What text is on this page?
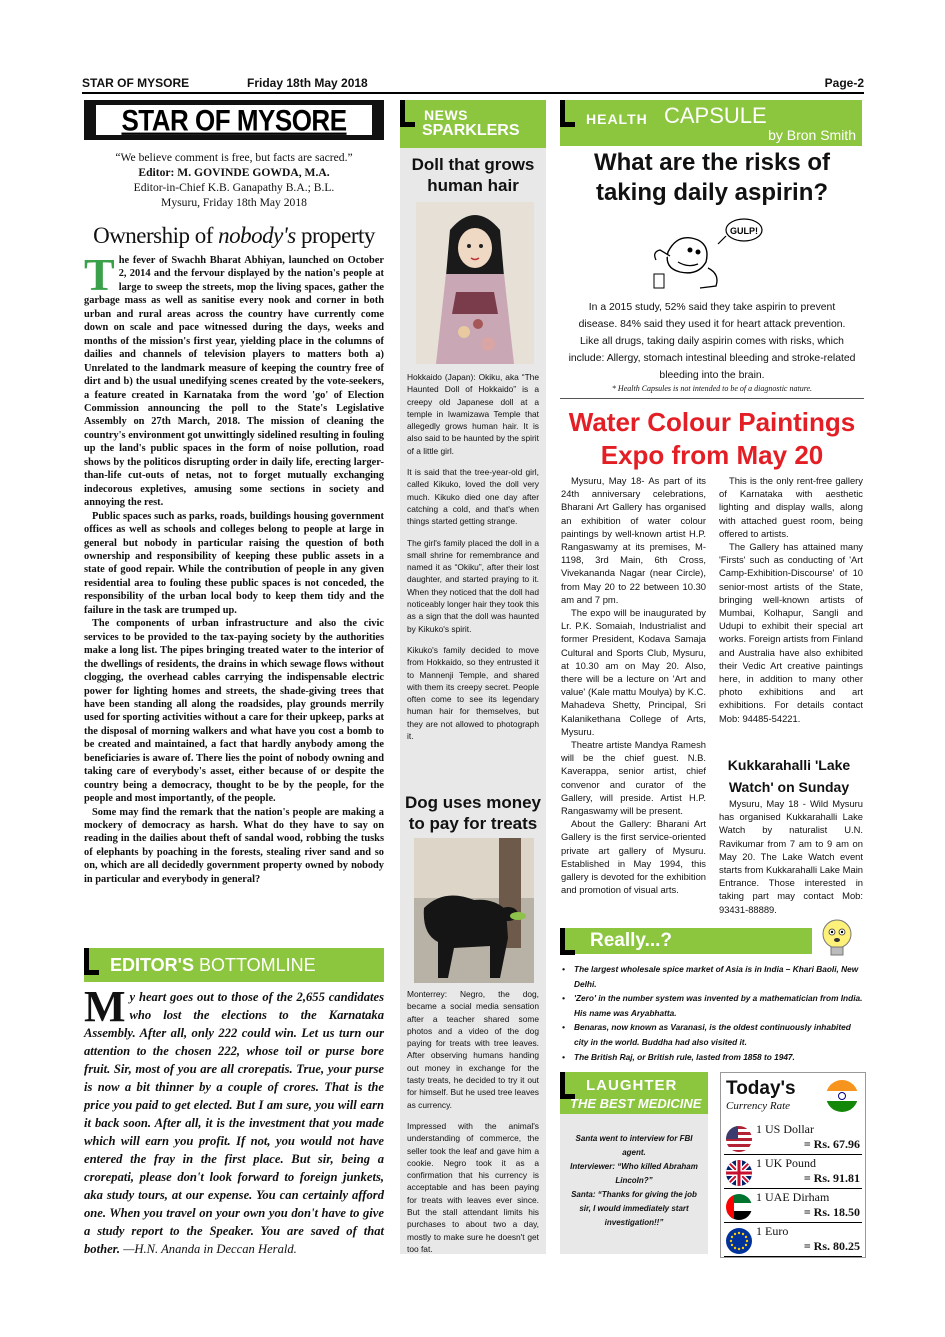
STAR OF MYSORE	Friday 18th May 2018	Page-2
STAR OF MYSORE
“We believe comment is free, but facts are sacred.”
Editor: M. GOVINDE GOWDA, M.A.
Editor-in-Chief K.B. Ganapathy B.A.; B.L.
Mysuru, Friday 18th May 2018
Ownership of nobody's property

The fever of Swachh Bharat Abhiyan, launched on October 2, 2014 and the fervour displayed by the nation's people at large to sweep the streets, mop the living spaces, gather the garbage mass as well as sanitise every nook and corner in both urban and rural areas across the country have currently come down on scale and pace witnessed during the days, weeks and months of the mission's first year, yielding place in the columns of dailies and channels of television players to matters both a) Unrelated to the landmark measure of keeping the country free of dirt and b) the usual unedifying scenes created by the vote-seekers, a feature created in Karnataka from the word 'go' of Election Commission announcing the poll to the State's Legislative Assembly on 27th March, 2018. The mission of cleaning the country's environment got unwittingly sidelined resulting in fouling up the land's public spaces in the form of noise pollution, road shows by the politicos disrupting order in daily life, erecting larger-than-life cut-outs of netas, not to forget mutually exchanging indecorous expletives, amusing some sections in society and annoying the rest.

Public spaces such as parks, roads, buildings housing government offices as well as schools and colleges belong to people at large in general but nobody in particular raising the question of both ownership and responsibility of keeping these public assets in a state of good repair. While the contribution of people in any given residential area to fouling these public spaces is not conceded, the responsibility of the urban local body to keep them tidy and the failure in the task are trumped up.

The components of urban infrastructure and also the civic services to be provided to the tax-paying society by the authorities make a long list. The pipes bringing treated water to the interior of the dwellings of residents, the drains in which sewage flows without clogging, the overhead cables carrying the indispensable electric power for lighting homes and streets, the shade-giving trees that have been standing all along the roadsides, play grounds merrily used for sporting activities without a care for their upkeep, parks at the disposal of morning walkers and what have you cost a bomb to be created and maintained, a fact that hardly anybody among the beneficiaries is aware of. There lies the point of nobody owning and taking care of everybody's asset, either because of or despite the country being a democracy, thought to be by the people, for the people and most importantly, of the people.

Some may find the remark that the nation's people are making a mockery of democracy as harsh. What do they have to say on reading in the dailies about theft of sandal wood, robbing the tusks of elephants by poaching in the forests, stealing river sand and so on, which are all decidedly government property owned by nobody in particular and everybody in general?

EDITOR'S BOTTOMLINE
My heart goes out to those of the 2,655 candidates who lost the elections to the Karnataka Assembly. After all, only 222 could win. Let us turn our attention to the chosen 222, whose toil or purse bore fruit. Sir, most of you are all crorepatis. True, your purse is now a bit thinner by a couple of crores. That is the price you paid to get elected. But I am sure, you will earn it back soon. After all, it is the investment that you made which will earn you profit. If not, you would not have entered the fray in the first place. But sir, being a crorepati, please don't look forward to foreign junkets, aka study tours, at our expense. You can certainly afford one. When you travel on your own you don't have to give a study report to the Speaker. You are saved of that bother. —H.N. Ananda in Deccan Herald.
NEWS
SPARKLERS
Doll that grows human hair

Hokkaido (Japan): Okiku, aka “The Haunted Doll of Hokkaido” is a creepy old Japanese doll at a temple in Iwamizawa Temple that allegedly grows human hair. It is also said to be haunted by the spirit of a little girl.

It is said that the tree-year-old girl, called Kikuko, loved the doll very much. Kikuko died one day after catching a cold, and that's when things started getting strange.

The girl's family placed the doll in a small shrine for remembrance and named it as “Okiku”, after their lost daughter, and started praying to it. When they noticed that the doll had noticeably longer hair they took this as a sign that the doll was haunted by Kikuko's spirit.

Kikuko's family decided to move from Hokkaido, so they entrusted it to Mannenji Temple, and shared with them its creepy secret. People often come to see its legendary human hair for themselves, but they are not allowed to photograph it.

Dog uses money to pay for treats

Monterrey: Negro, the dog, became a social media sensation after a teacher shared some photos and a video of the dog paying for treats with tree leaves. After observing humans handing out money in exchange for the tasty treats, he decided to try it out for himself. But he used tree leaves as currency.

Impressed with the animal's understanding of commerce, the seller took the leaf and gave him a cookie. Negro took it as a confirmation that his currency is acceptable and has been paying for treats with leaves ever since. But the stall attendant limits his purchases to about two a day, mostly to make sure he doesn't get too fat.

HEALTH CAPSULE
by Bron Smith
What are the risks of taking daily aspirin?
GULP!
In a 2015 study, 52% said they take aspirin to prevent disease. 84% said they used it for heart attack prevention. Like all drugs, taking daily aspirin comes with risks, which include: Allergy, stomach intestinal bleeding and stroke-related bleeding into the brain.
* Health Capsules is not intended to be of a diagnostic nature.
Water Colour Paintings Expo from May 20

Mysuru, May 18- As part of its 24th anniversary celebrations, Bharani Art Gallery has organised an exhibition of water colour paintings by well-known artist H.P. Rangaswamy at its premises, M-1198, 3rd Main, 6th Cross, Vivekananda Nagar (near Circle), from May 20 to 22 between 10.30 am and 7 pm.

The expo will be inaugurated by Lr. P.K. Somaiah, Industrialist and former President, Kodava Samaja Cultural and Sports Club, Mysuru, at 10.30 am on May 20. Also, there will be a lecture on 'Art and value' (Kale mattu Moulya) by K.C. Mahadeva Shetty, Principal, Sri Kalanikethana College of Arts, Mysuru.

Theatre artiste Mandya Ramesh will be the chief guest. N.B. Kaverappa, senior artist, chief convenor and curator of the Gallery, will preside. Artist H.P. Rangaswamy will be present.

About the Gallery: Bharani Art Gallery is the first service-oriented private art gallery of Mysuru. Established in May 1994, this gallery is devoted for the exhibition and promotion of visual arts.

This is the only rent-free gallery of Karnataka with aesthetic lighting and display walls, along with attached guest room, being offered to artists.

The Gallery has attained many 'Firsts' such as conducting of 'Art Camp-Exhibition-Discourse' of 10 senior-most artists of the State, bringing well-known artists of Mumbai, Kolhapur, Sangli and Udupi to exhibit their special art works. Foreign artists from Finland and Australia have also exhibited their Vedic Art creative paintings here, in addition to many other photo exhibitions and art exhibitions. For details contact Mob: 94485-54221.

Kukkarahalli 'Lake Watch' on Sunday

Mysuru, May 18 - Wild Mysuru has organised Kukkarahalli Lake Watch by naturalist U.N. Ravikumar from 7 am to 9 am on May 20. The Lake Watch event starts from Kukkarahalli Lake Main Entrance. Those interested in taking part may contact Mob: 93431-88889.

Really...?
• The largest wholesale spice market of Asia is in India – Khari Baoli, New Delhi.
• 'Zero' in the number system was invented by a mathematician from India. His name was Aryabhatta.
• Benaras, now known as Varanasi, is the oldest continuously inhabited city in the world. Buddha had also visited it.
• The British Raj, or British rule, lasted from 1858 to 1947.
LAUGHTER
THE BEST MEDICINE
Santa went to interview for FBI agent.
Interviewer: “Who killed Abraham Lincoln?”
Santa: “Thanks for giving the job sir, I would immediately start investigation!!”
Today's
Currency Rate
1 US Dollar
= Rs. 67.96
1 UK Pound
= Rs. 91.81
1 UAE Dirham
= Rs. 18.50
1 Euro
= Rs. 80.25
